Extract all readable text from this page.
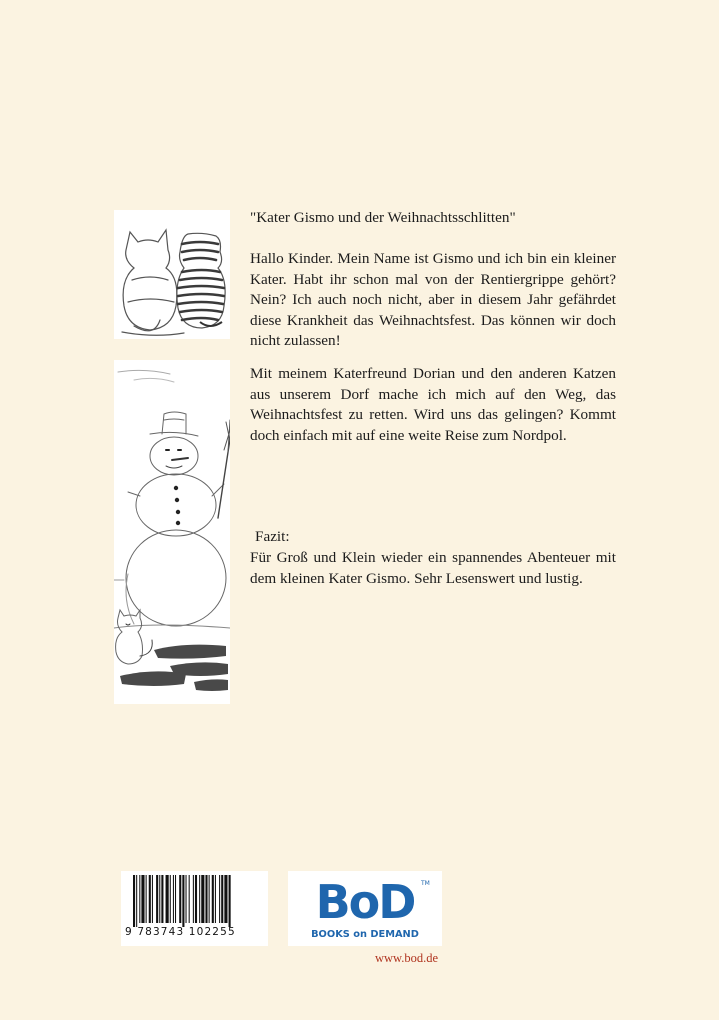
"Kater Gismo und der Weihnachtsschlitten"

Hallo Kinder. Mein Name ist Gismo und ich bin ein kleiner Kater. Habt ihr schon mal von der Rentiergrippe gehört? Nein? Ich auch noch nicht, aber in diesem Jahr gefährdet diese Krankheit das Weihnachtsfest. Das können wir doch nicht zulassen!

Mit meinem Katerfreund Dorian und den anderen Katzen aus unserem Dorf mache ich mich auf den Weg, das Weihnachtsfest zu retten. Wird uns das gelingen? Kommt doch einfach mit auf eine weite Reise zum Nordpol.

Fazit:

Für Groß und Klein wieder ein spannendes Abenteuer mit dem kleinen Kater Gismo. Sehr Lesenswert und lustig.

9 783743 102255
BoD	TM
BOOKS on DEMAND
www.bod.de
